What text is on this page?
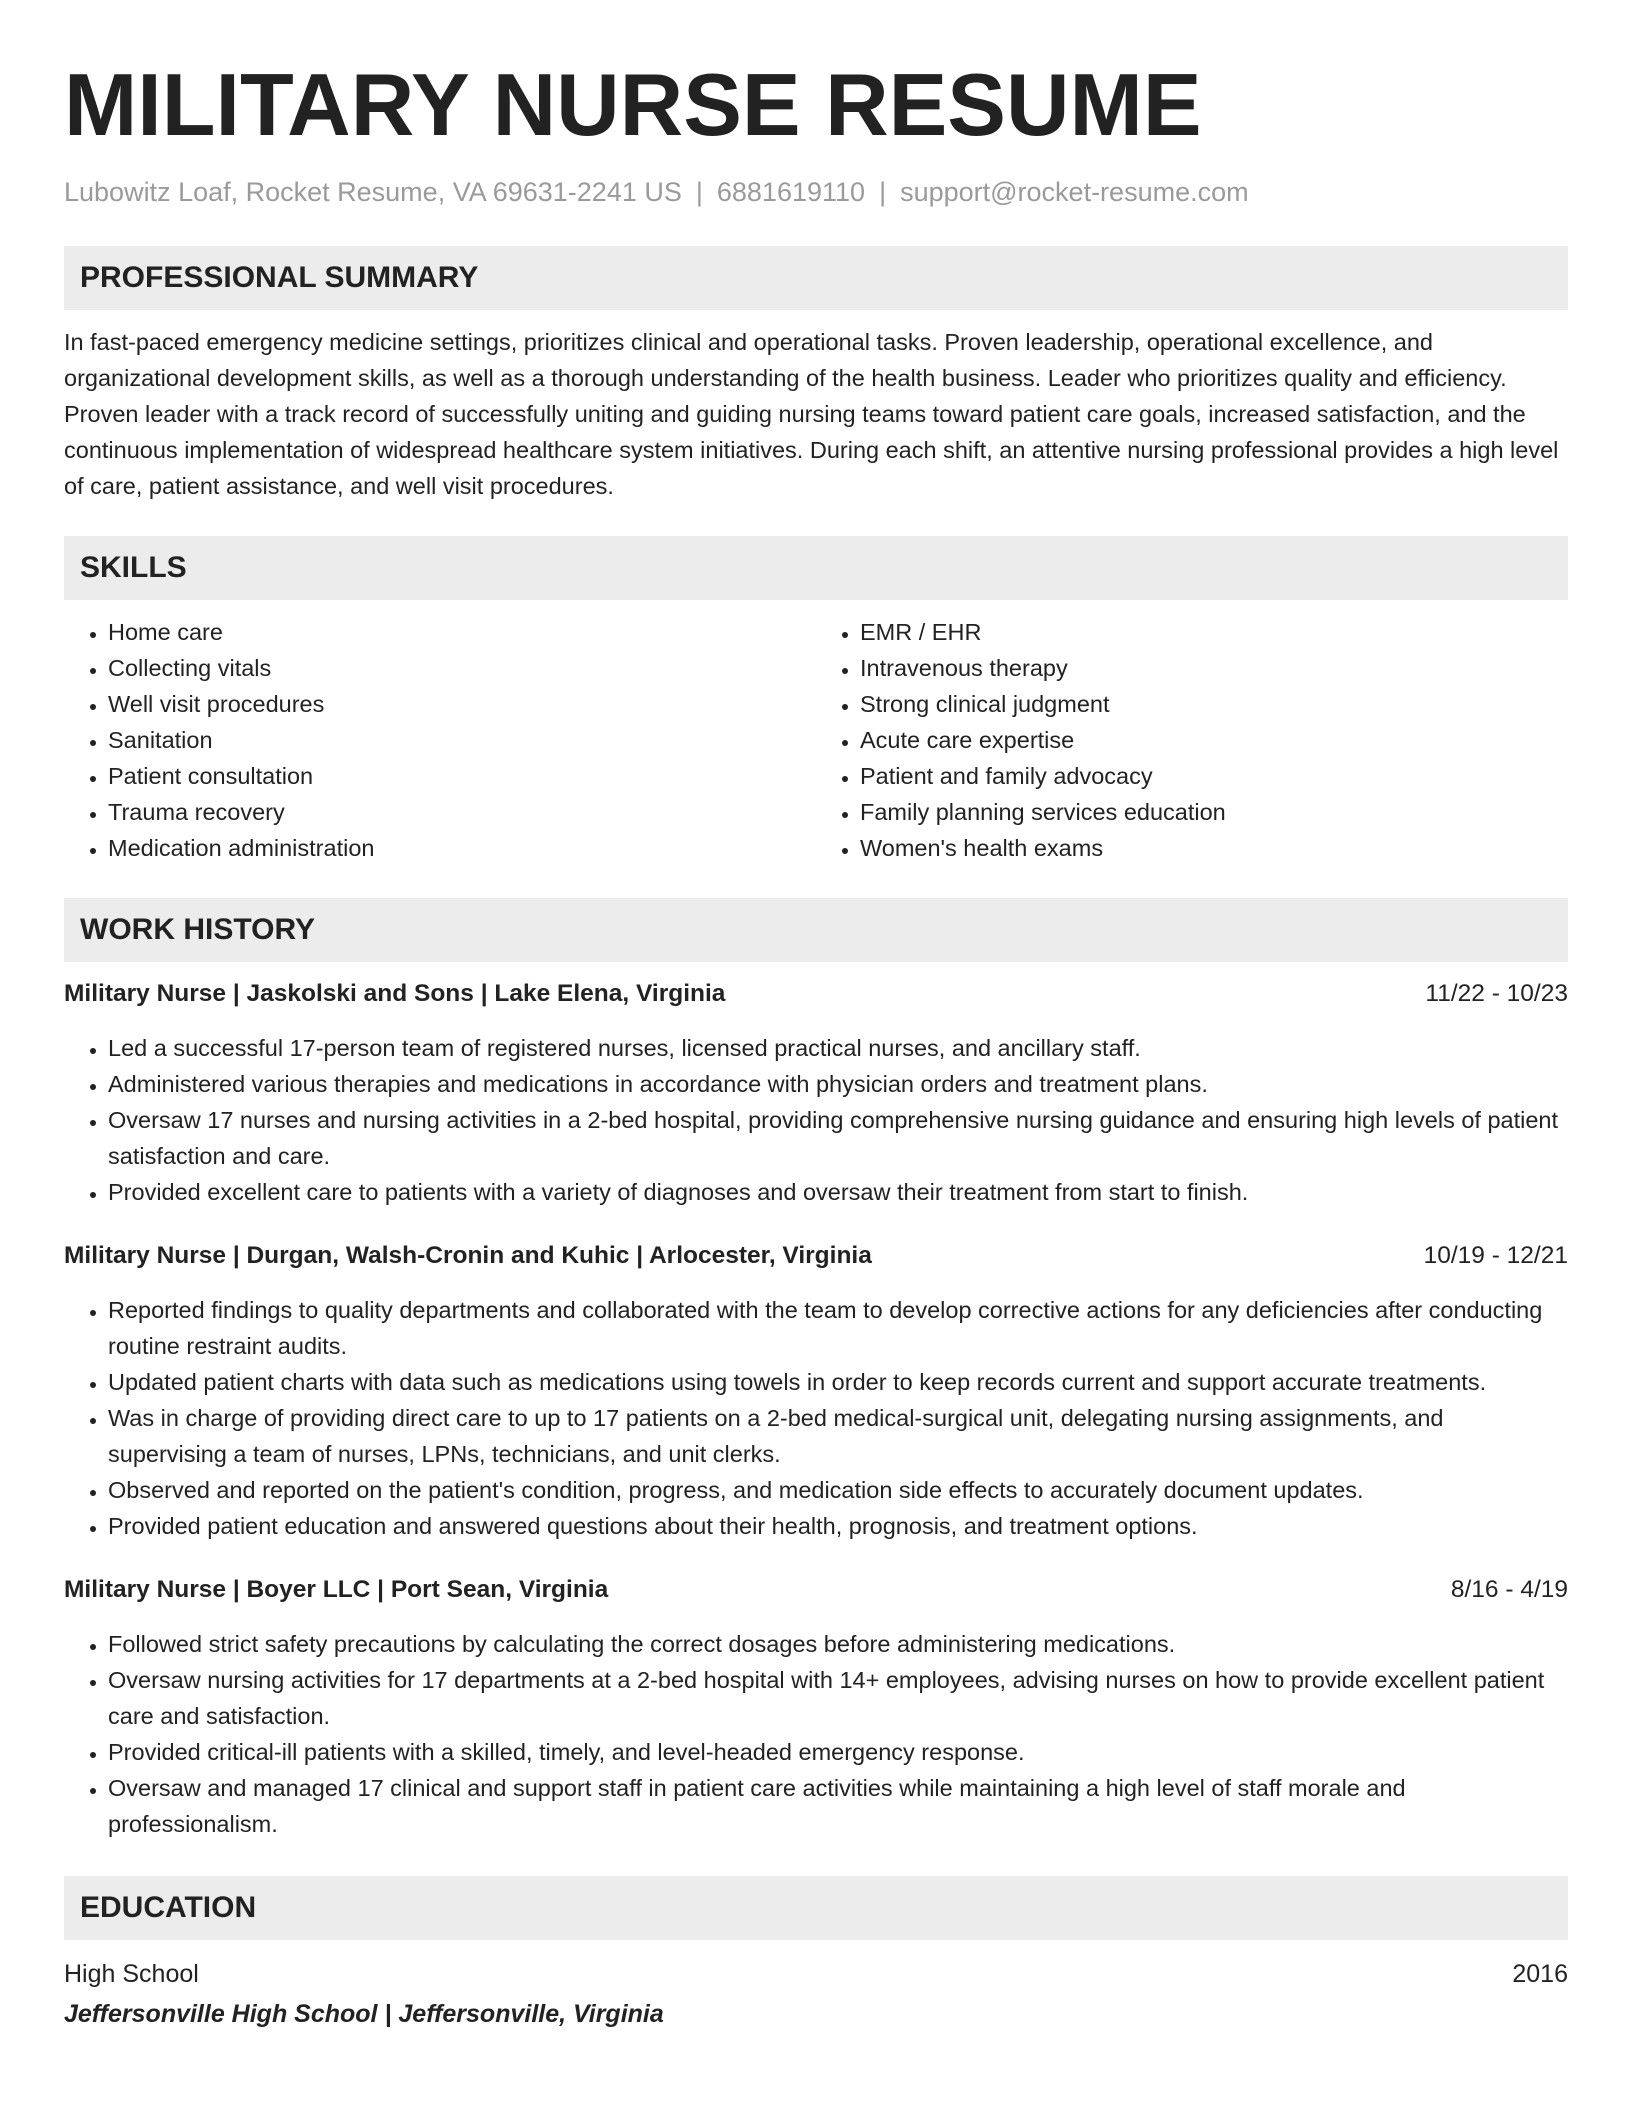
MILITARY NURSE RESUME
Lubowitz Loaf, Rocket Resume, VA 69631-2241 US | 6881619110 | support@rocket-resume.com
PROFESSIONAL SUMMARY

In fast-paced emergency medicine settings, prioritizes clinical and operational tasks. Proven leadership, operational excellence, and organizational development skills, as well as a thorough understanding of the health business. Leader who prioritizes quality and efficiency. Proven leader with a track record of successfully uniting and guiding nursing teams toward patient care goals, increased satisfaction, and the continuous implementation of widespread healthcare system initiatives. During each shift, an attentive nursing professional provides a high level of care, patient assistance, and well visit procedures.

SKILLS
• Home care
• Collecting vitals
• Well visit procedures
• Sanitation
• Patient consultation
• Trauma recovery
• Medication administration
• EMR / EHR
• Intravenous therapy
• Strong clinical judgment
• Acute care expertise
• Patient and family advocacy
• Family planning services education
• Women's health exams
WORK HISTORY
Military Nurse | Jaskolski and Sons | Lake Elena, Virginia	11/22 - 10/23
• Led a successful 17-person team of registered nurses, licensed practical nurses, and ancillary staff.
• Administered various therapies and medications in accordance with physician orders and treatment plans.
• Oversaw 17 nurses and nursing activities in a 2-bed hospital, providing comprehensive nursing guidance and ensuring high levels of patient satisfaction and care.
• Provided excellent care to patients with a variety of diagnoses and oversaw their treatment from start to finish.
Military Nurse | Durgan, Walsh-Cronin and Kuhic | Arlocester, Virginia	10/19 - 12/21
• Reported findings to quality departments and collaborated with the team to develop corrective actions for any deficiencies after conducting routine restraint audits.
• Updated patient charts with data such as medications using towels in order to keep records current and support accurate treatments.
• Was in charge of providing direct care to up to 17 patients on a 2-bed medical-surgical unit, delegating nursing assignments, and supervising a team of nurses, LPNs, technicians, and unit clerks.
• Observed and reported on the patient's condition, progress, and medication side effects to accurately document updates.
• Provided patient education and answered questions about their health, prognosis, and treatment options.
Military Nurse | Boyer LLC | Port Sean, Virginia	8/16 - 4/19
• Followed strict safety precautions by calculating the correct dosages before administering medications.
• Oversaw nursing activities for 17 departments at a 2-bed hospital with 14+ employees, advising nurses on how to provide excellent patient care and satisfaction.
• Provided critical-ill patients with a skilled, timely, and level-headed emergency response.
• Oversaw and managed 17 clinical and support staff in patient care activities while maintaining a high level of staff morale and professionalism.
EDUCATION
High School	2016
Jeffersonville High School | Jeffersonville, Virginia
